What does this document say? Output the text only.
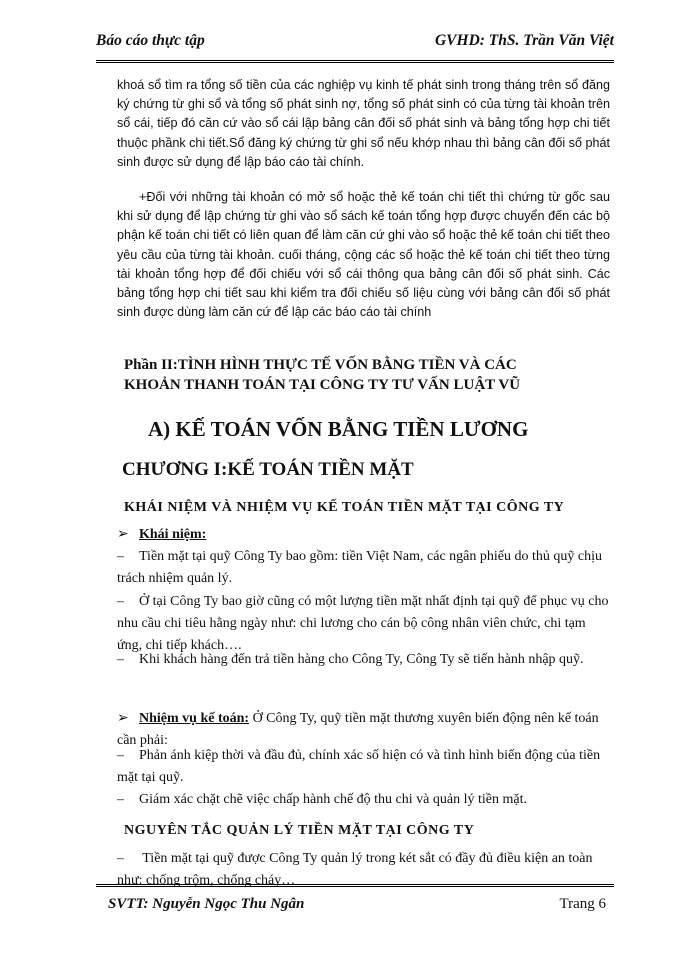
Báo cáo thực tập	GVHD: ThS. Trần Văn Việt
khoá sổ tìm ra tổng số tiền của các nghiệp vụ kinh tế phát sinh trong tháng trên sổ đăng ký chứng từ ghi sổ và tổng số phát sinh nợ, tổng số phát sinh có của từng tài khoản trên sổ cái, tiếp đó căn cứ vào sổ cái lập bảng cân đối số phát sinh và bảng tổng hợp chi tiết thuộc phầnk chi tiết.Sổ đăng ký chứng từ ghi sổ nếu khớp nhau thì bảng cân đối số phát sinh được sử dụng để lập báo cáo tài chính.
+Đối với những tài khoản có mở sổ hoặc thẻ kế toán chi tiết thì chứng từ gốc sau khi sử dụng để lập chứng từ ghi vào sổ sách kế toán tổng hợp được chuyển đến các bộ phận kế toán chi tiết có liên quan để làm căn cứ ghi vào sổ hoặc thẻ kế toán chi tiết theo yêu cầu của từng tài khoản. cuối tháng, cộng các sổ hoặc thẻ kế toán chi tiết theo từng tài khoản tổng hợp để đối chiếu với sổ cái thông qua bảng cân đối số phát sinh. Các bảng tổng hợp chi tiết sau khi kiểm tra đối chiếu số liệu cùng với bảng cân đối số phát sinh được dùng làm căn cứ để lập các báo cáo tài chính
Phần II:TÌNH HÌNH THỰC TẾ VỐN BẰNG TIỀN VÀ CÁC
KHOẢN THANH TOÁN TẠI CÔNG TY TƯ VẤN LUẬT VŨ
A) KẾ TOÁN VỐN BẰNG TIỀN LƯƠNG
CHƯƠNG I:KẾ TOÁN TIỀN MẶT
KHÁI NIỆM VÀ NHIỆM VỤ KẾ TOÁN TIỀN MẶT TẠI CÔNG TY
➢ Khái niệm:
– Tiền mặt tại quỹ Công Ty bao gồm: tiền Việt Nam, các ngân phiếu do thủ quỹ chịu trách nhiệm quản lý.
– Ở tại Công Ty bao giờ cũng có một lượng tiền mặt nhất định tại quỹ để phục vụ cho nhu cầu chi tiêu hằng ngày như: chi lương cho cán bộ công nhân viên chức, chi tạm ứng, chi tiếp khách….
– Khi khách hàng đến trả tiền hàng cho Công Ty, Công Ty sẽ tiến hành nhập quỹ.
➢ Nhiệm vụ kế toán: Ở Công Ty, quỹ tiền mặt thương xuyên biến động nên kế toán cần phải:
– Phản ánh kiệp thời và đầu đủ, chính xác số hiện có và tình hình biến động của tiền mặt tại quỹ.
– Giám xác chặt chẽ việc chấp hành chế độ thu chi và quản lý tiền mặt.
NGUYÊN TẮC QUẢN LÝ TIỀN MẶT TẠI CÔNG TY
– Tiền mặt tại quỹ được Công Ty quản lý trong két sắt có đầy đủ điều kiện an toàn như: chống trộm, chống cháy…
SVTT: Nguyễn Ngọc Thu Ngân	Trang 6
